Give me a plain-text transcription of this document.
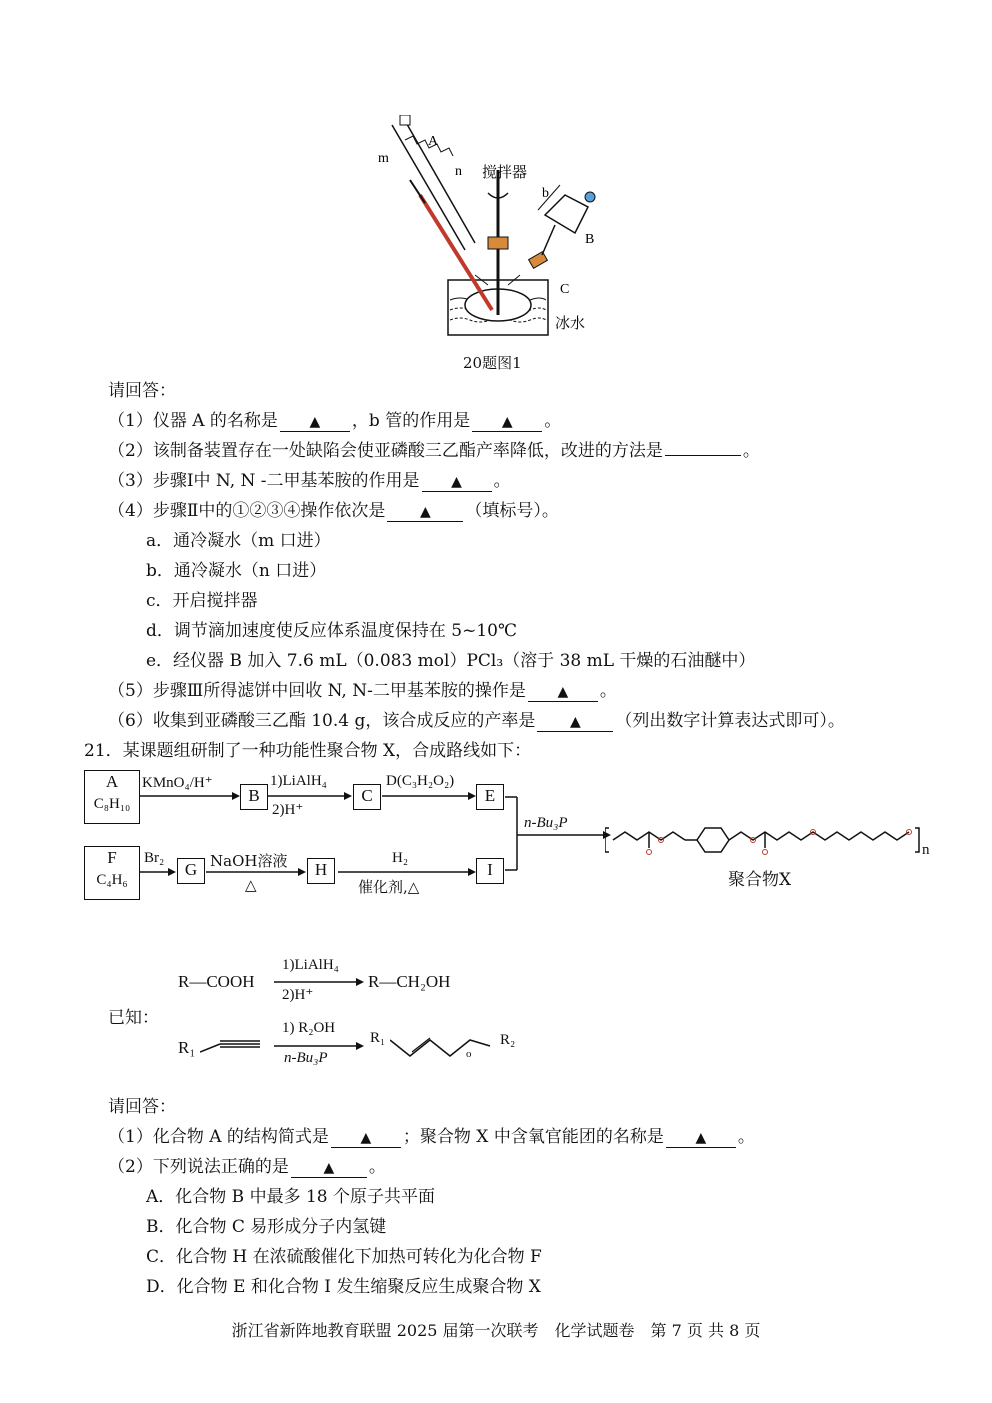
m
A
n 搅拌器
b
B
C
冰水
20题图1
请回答：
（1）仪器 A 的名称是 ▲ ，b 管的作用是 ▲ 。
（2）该制备装置存在一处缺陷会使亚磷酸三乙酯产率降低，改进的方法是	。
（3）步骤Ⅰ中 N, N -二甲基苯胺的作用是 ▲ 。
（4）步骤Ⅱ中的①②③④操作依次是 ▲ （填标号）。
a．通冷凝水（m 口进）
b．通冷凝水（n 口进）
c．开启搅拌器
d．调节滴加速度使反应体系温度保持在 5~10℃
e．经仪器 B 加入 7.6 mL（0.083 mol）PCl₃（溶于 38 mL 干燥的石油醚中）
（5）步骤Ⅲ所得滤饼中回收 N, N-二甲基苯胺的操作是 ▲ 。
（6）收集到亚磷酸三乙酯 10.4 g，该合成反应的产率是 ▲ （列出数字计算表达式即可）。
21．某课题组研制了一种功能性聚合物 X，合成路线如下：
A
C₈H₁₀
KMnO₄/H⁺
B
1)LiAlH₄
2)H⁺
C
D(C₃H₂O₂)
E
F
C₄H₆
Br₂
G NaOH溶液
△
H
H₂
催化剂,△
I
n-Bu₃P
n
聚合物X
已知：
R—COOH
1)LiAlH₄
2)H⁺
R—CH₂OH
R₁
1) R₂OH
n-Bu₃P
R₁
o
R₂
请回答：
（1）化合物 A 的结构简式是 ▲ ；聚合物 X 中含氧官能团的名称是 ▲ 。
（2）下列说法正确的是 ▲ 。
A．化合物 B 中最多 18 个原子共平面
B．化合物 C 易形成分子内氢键
C．化合物 H 在浓硫酸催化下加热可转化为化合物 F
D．化合物 E 和化合物 I 发生缩聚反应生成聚合物 X
浙江省新阵地教育联盟 2025 届第一次联考　化学试题卷　第 7 页 共 8 页
